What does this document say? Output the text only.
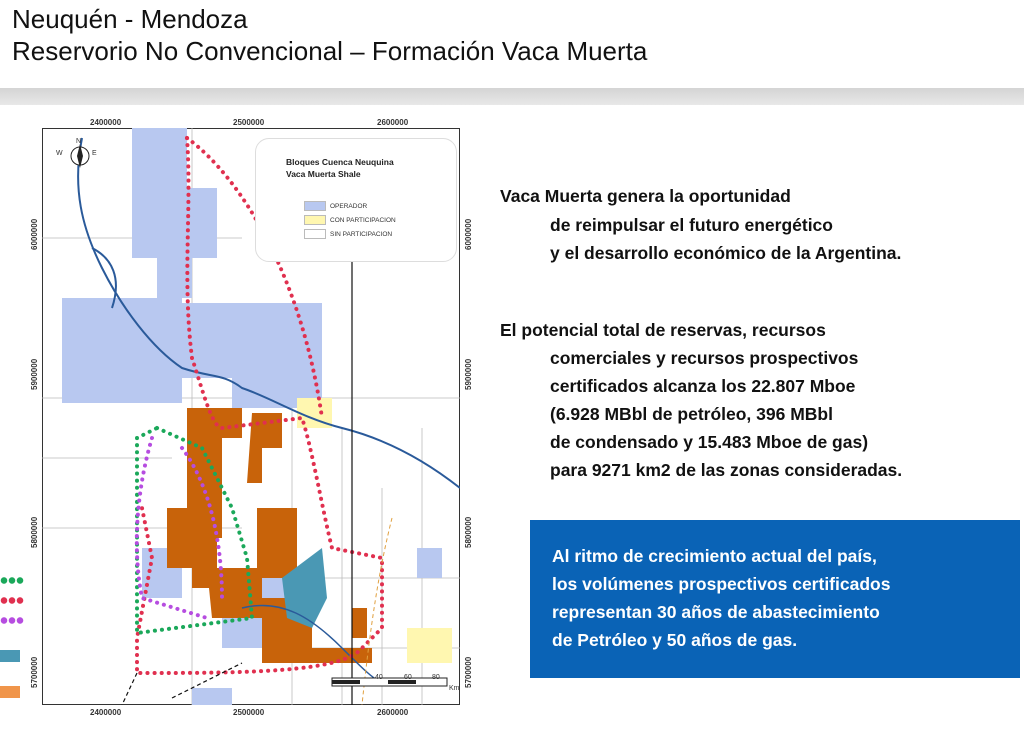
Neuquén - Mendoza
Reservorio No Convencional – Formación Vaca Muerta
2400000	2500000	2600000
2400000	2500000	2600000
6000000
5900000
5800000
5700000
6000000
5900000
5800000
5700000
Bloques Cuenca Neuquina
Vaca Muerta Shale
OPERADOR
CON PARTICIPACION
SIN PARTICIPACION
W
N
E
40	60	80
Km
Vaca Muerta genera la oportunidad
de reimpulsar el futuro energético
y el desarrollo económico de la Argentina.
El potencial total de reservas, recursos
comerciales y recursos prospectivos
certificados alcanza los 22.807 Mboe
(6.928 MBbl de petróleo, 396 MBbl
de condensado y 15.483 Mboe de gas)
para 9271 km2 de las zonas consideradas.
Al ritmo de crecimiento actual del país,
los volúmenes prospectivos certificados
representan 30 años de abastecimiento
de Petróleo y 50 años de gas.
